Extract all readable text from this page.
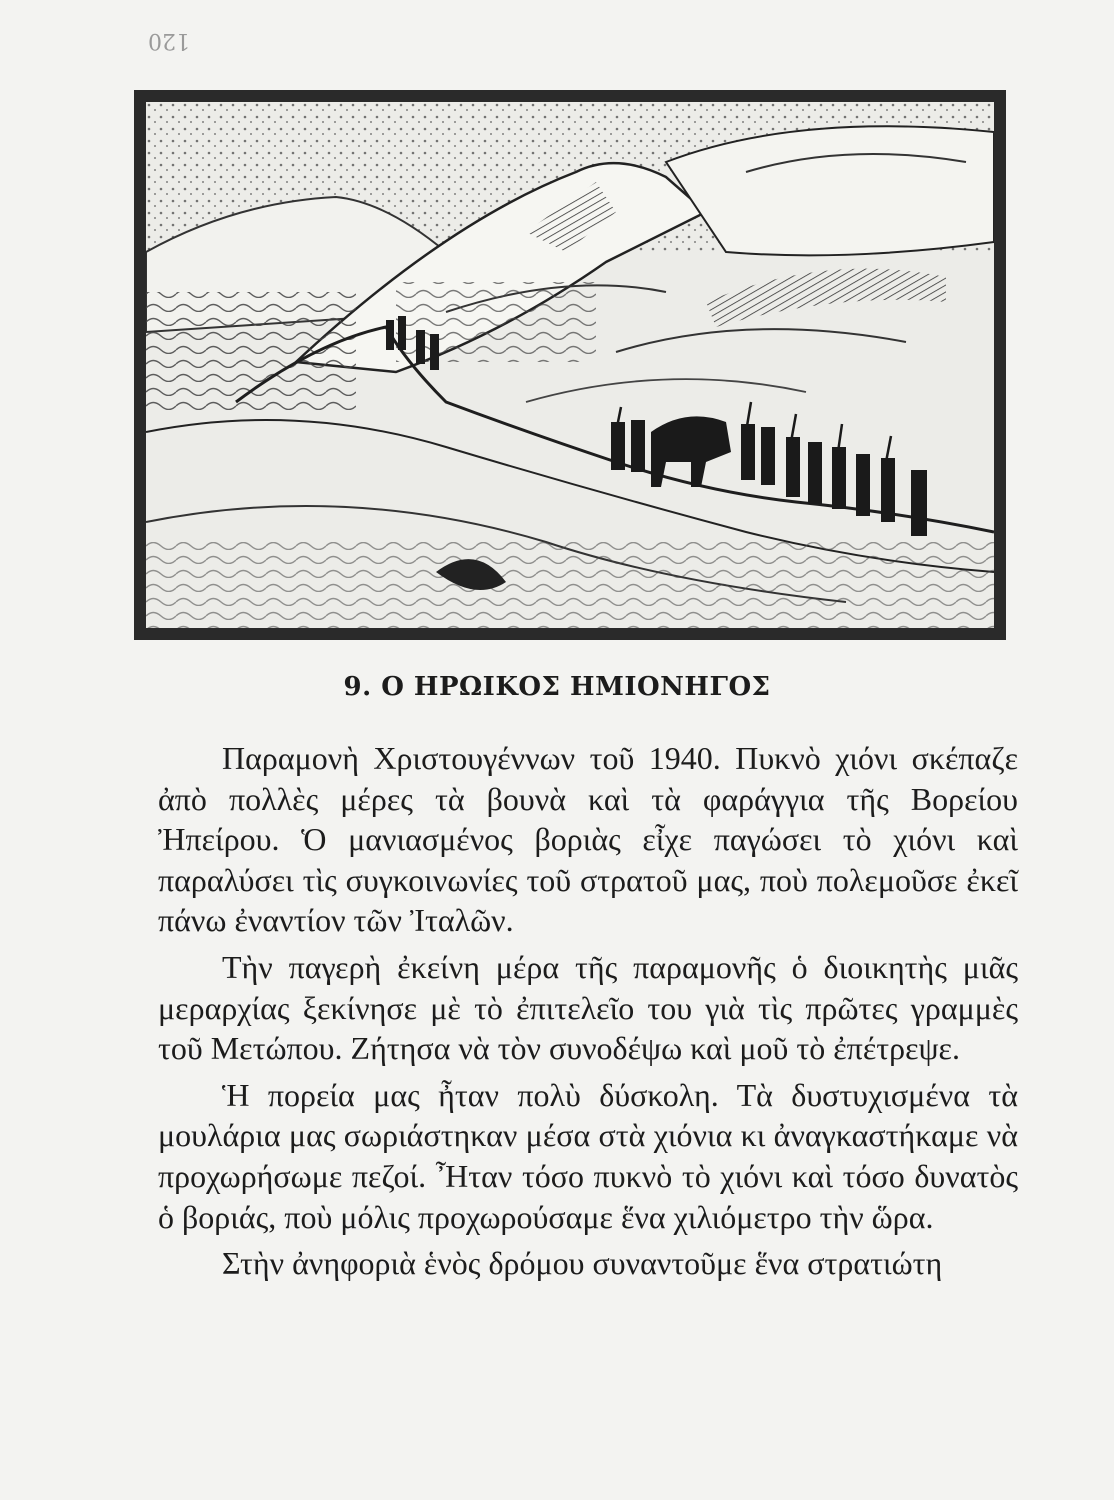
120
9. Ο ΗΡΩΙΚΟΣ ΗΜΙΟΝΗΓΟΣ

Παραμονὴ Χριστουγέννων τοῦ 1940. Πυκνὸ χιόνι σκέπαζε ἀπὸ πολλὲς μέρες τὰ βουνὰ καὶ τὰ φαράγγια τῆς Βορείου Ἠπείρου. Ὁ μανιασμένος βοριὰς εἶχε παγώσει τὸ χιόνι καὶ παραλύσει τὶς συγκοινωνίες τοῦ στρατοῦ μας, ποὺ πολεμοῦσε ἐκεῖ πάνω ἐναντίον τῶν Ἰταλῶν.

Τὴν παγερὴ ἐκείνη μέρα τῆς παραμονῆς ὁ διοικητὴς μιᾶς μεραρχίας ξεκίνησε μὲ τὸ ἐπιτελεῖο του γιὰ τὶς πρῶτες γραμμὲς τοῦ Μετώπου. Ζήτησα νὰ τὸν συνοδέψω καὶ μοῦ τὸ ἐπέτρεψε.

Ἡ πορεία μας ἦταν πολὺ δύσκολη. Τὰ δυστυχισμένα τὰ μουλάρια μας σωριάστηκαν μέσα στὰ χιόνια κι ἀναγκαστήκαμε νὰ προχωρήσωμε πεζοί. Ἦταν τόσο πυκνὸ τὸ χιόνι καὶ τόσο δυνατὸς ὁ βοριάς, ποὺ μόλις προχωρούσαμε ἕνα χιλιόμετρο τὴν ὥρα.

Στὴν ἀνηφοριὰ ἑνὸς δρόμου συναντοῦμε ἕνα στρατιώτη
